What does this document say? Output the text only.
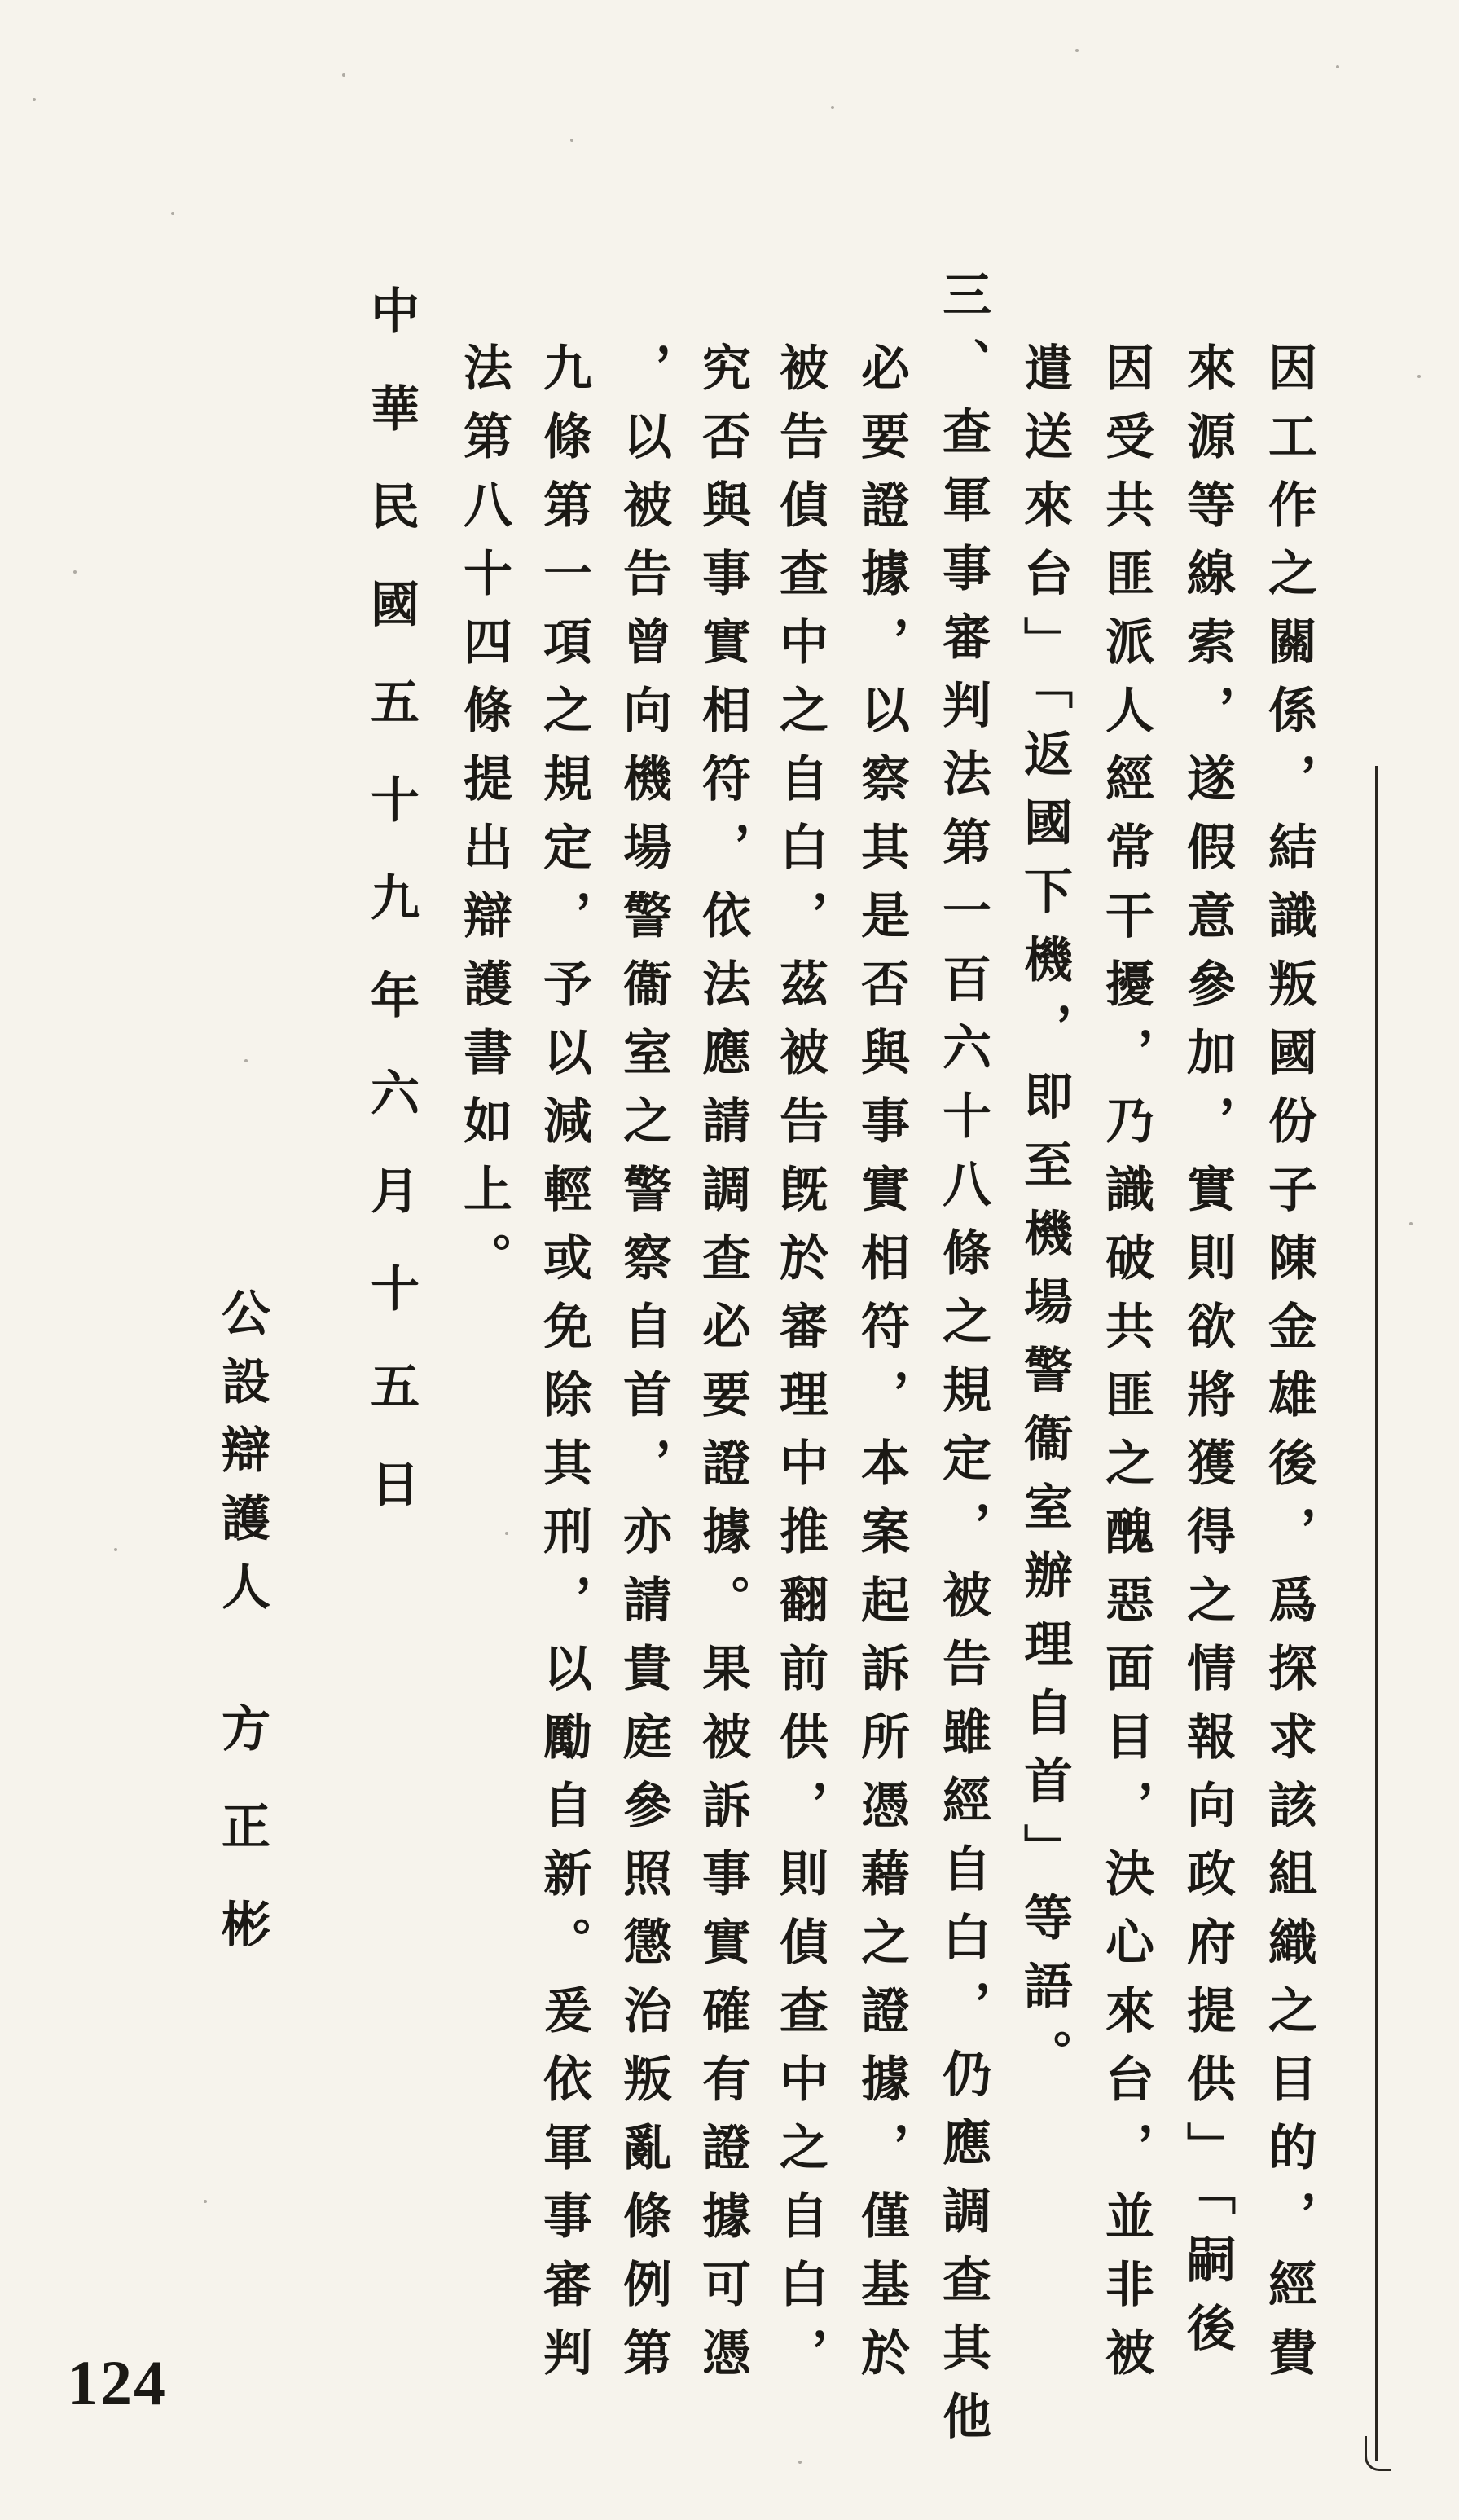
因工作之關係，結識叛國份子陳金雄後，爲探求該組織之目的，經費
來源等線索，遂假意參加，實則欲將獲得之情報向政府提供」「嗣後
因受共匪派人經常干擾，乃識破共匪之醜惡面目，決心來台，並非被
遣送來台」「返國下機，即至機場警衞室辦理自首」等語。
三、查軍事審判法第一百六十八條之規定，被告雖經自白，仍應調查其他
必要證據，以察其是否與事實相符，本案起訴所憑藉之證據，僅基於
被告偵查中之自白，茲被告旣於審理中推翻前供，則偵查中之自白，
究否與事實相符，依法應請調查必要證據。果被訴事實確有證據可憑
，以被告曾向機場警衞室之警察自首，亦請貴庭參照懲治叛亂條例第
九條第一項之規定，予以減輕或免除其刑，以勵自新。爰依軍事審判
法第八十四條提出辯護書如上。
中　華　民　國　五　十　九　年　六　月　十　五　日
公設辯護人
方　正　彬
124
